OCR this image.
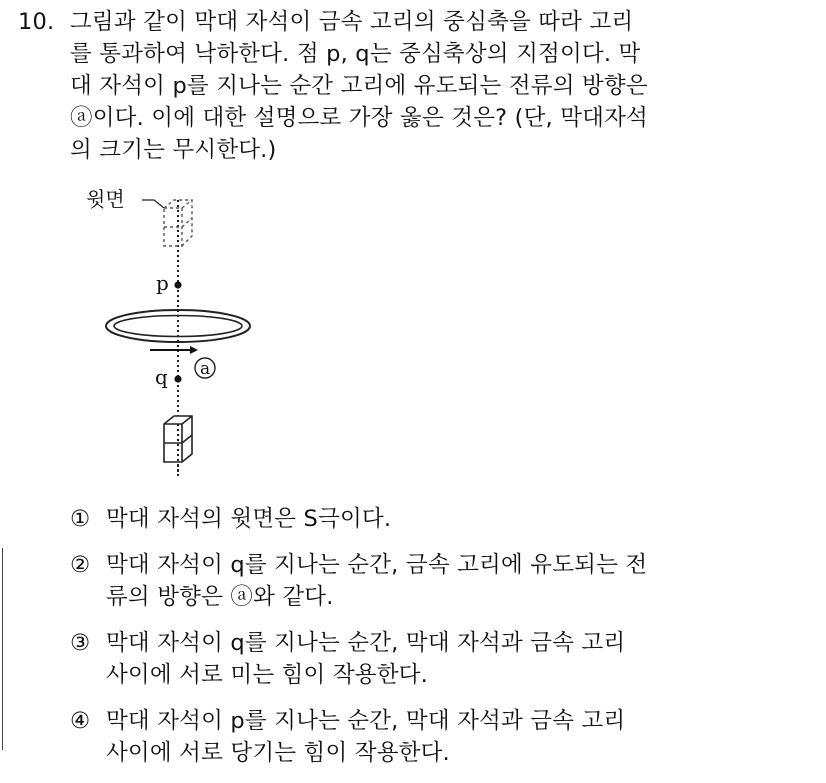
10. 그림과 같이 막대 자석이 금속 고리의 중심축을 따라 고리
를 통과하여 낙하한다. 점 p, q는 중심축상의 지점이다. 막
대 자석이 p를 지나는 순간 고리에 유도되는 전류의 방향은
ⓐ이다. 이에 대한 설명으로 가장 옳은 것은? (단, 막대자석
의 크기는 무시한다.)
윗면
p
a
q
① 막대 자석의 윗면은 S극이다.
② 막대 자석이 q를 지나는 순간, 금속 고리에 유도되는 전
류의 방향은 ⓐ와 같다.
③ 막대 자석이 q를 지나는 순간, 막대 자석과 금속 고리
사이에 서로 미는 힘이 작용한다.
④ 막대 자석이 p를 지나는 순간, 막대 자석과 금속 고리
사이에 서로 당기는 힘이 작용한다.
